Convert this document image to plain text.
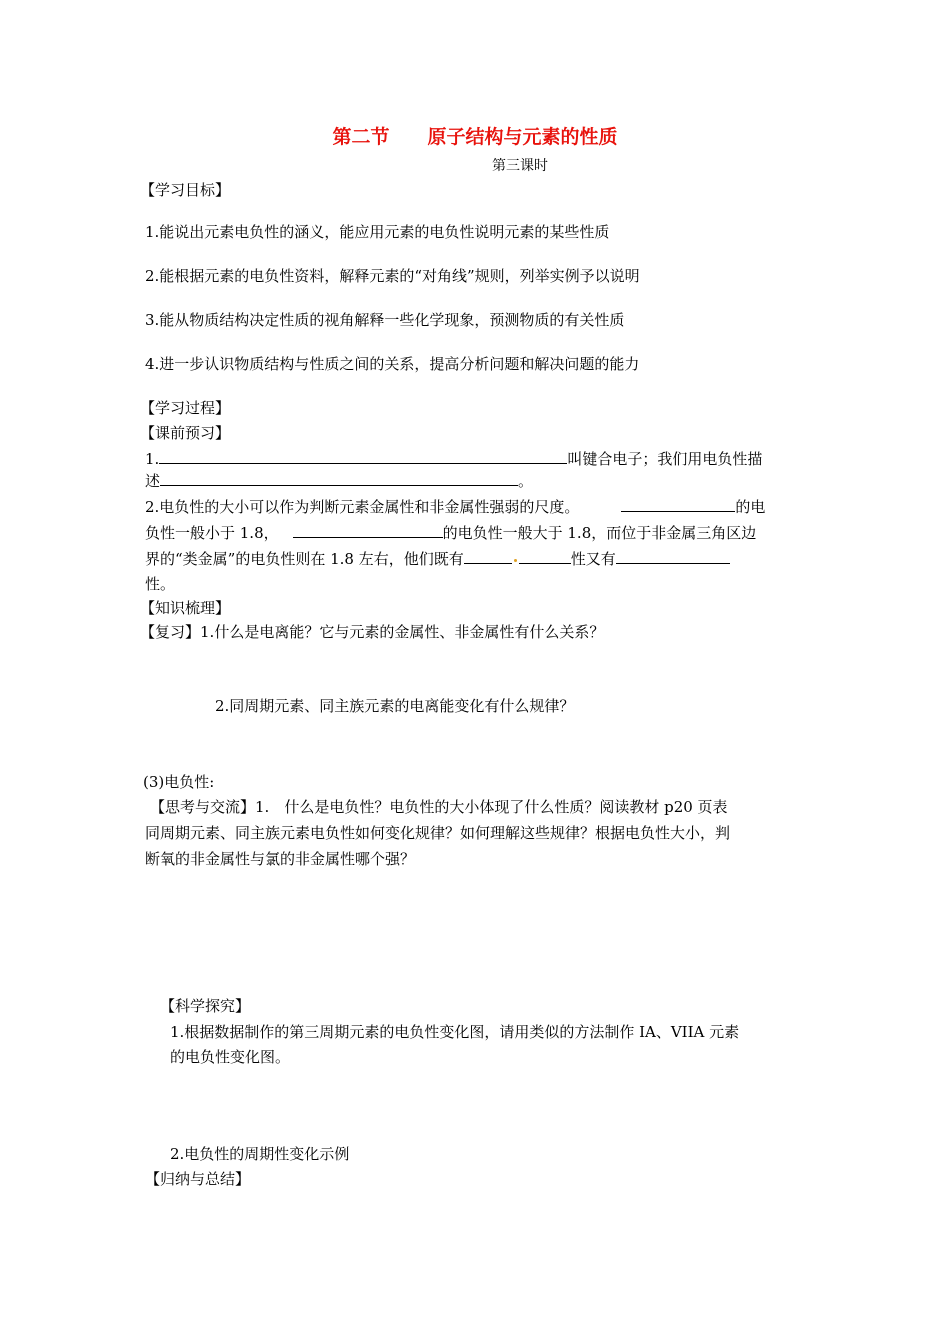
第二节 原子结构与元素的性质
第三课时
【学习目标】
1.能说出元素电负性的涵义，能应用元素的电负性说明元素的某些性质
2.能根据元素的电负性资料，解释元素的“对角线”规则，列举实例予以说明
3.能从物质结构决定性质的视角解释一些化学现象，预测物质的有关性质
4.进一步认识物质结构与性质之间的关系，提高分析问题和解决问题的能力
【学习过程】
【课前预习】
1.	叫键合电子；我们用电负性描
述	。
2.电负性的大小可以作为判断元素金属性和非金属性强弱的尺度。	的电
负性一般小于 1.8，	的电负性一般大于 1.8，而位于非金属三角区边
界的“类金属”的电负性则在 1.8 左右，他们既有	性又有
性。
【知识梳理】
【复习】1.什么是电离能？它与元素的金属性、非金属性有什么关系？
2.同周期元素、同主族元素的电离能变化有什么规律？
(3)电负性:
【思考与交流】1.　什么是电负性？电负性的大小体现了什么性质？阅读教材 p20 页表
同周期元素、同主族元素电负性如何变化规律？如何理解这些规律？根据电负性大小，判
断氧的非金属性与氯的非金属性哪个强？
【科学探究】
1.根据数据制作的第三周期元素的电负性变化图，请用类似的方法制作 IA、VIIA 元素
的电负性变化图。
2.电负性的周期性变化示例
【归纳与总结】
